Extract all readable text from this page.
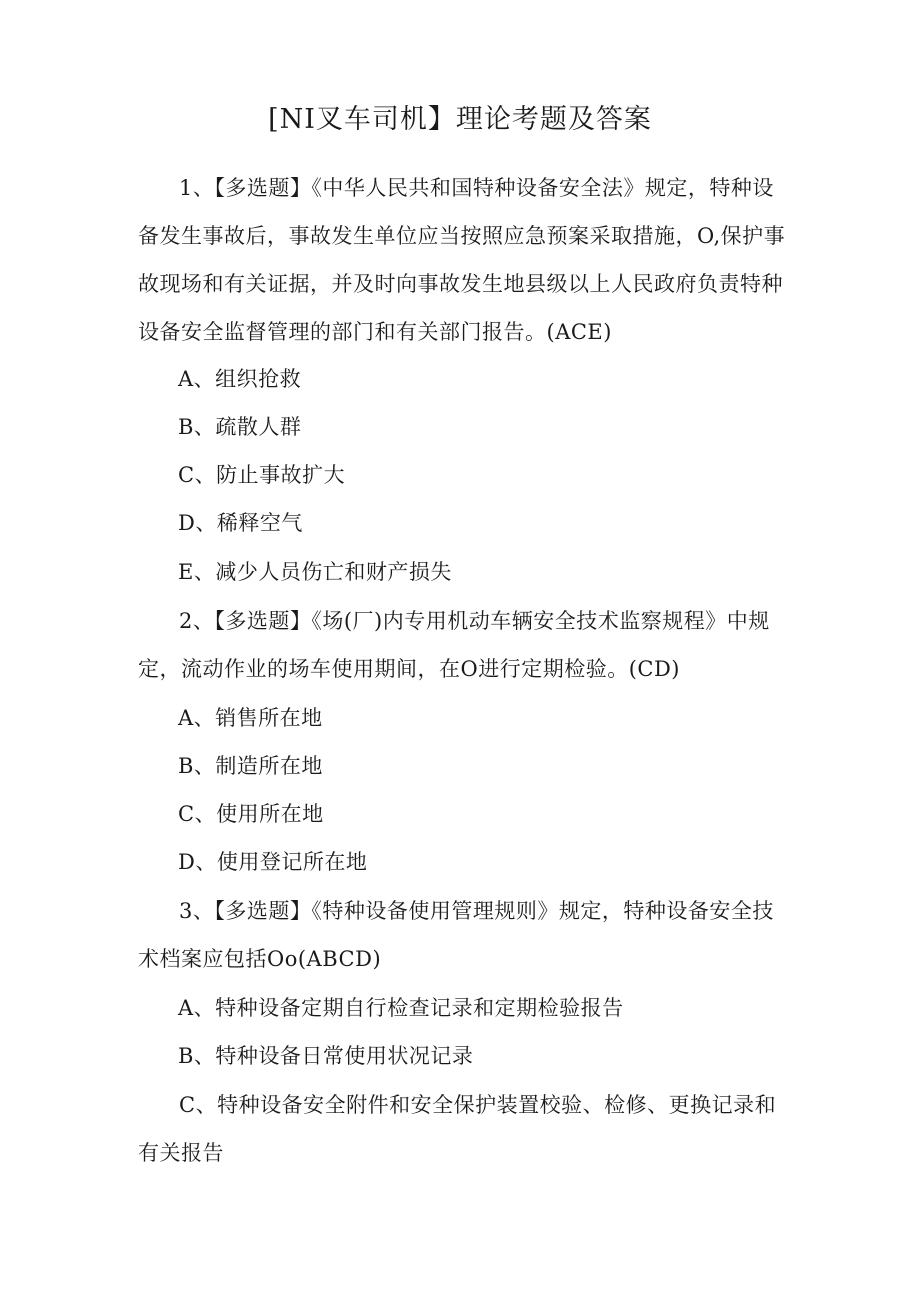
[NI叉车司机】理论考题及答案

1、【多选题】《中华人民共和国特种设备安全法》规定，特种设备发生事故后，事故发生单位应当按照应急预案采取措施，O,保护事故现场和有关证据，并及时向事故发生地县级以上人民政府负责特种设备安全监督管理的部门和有关部门报告。(ACE)

A、组织抢救
B、疏散人群
C、防止事故扩大
D、稀释空气
E、减少人员伤亡和财产损失

2、【多选题】《场(厂)内专用机动车辆安全技术监察规程》中规定，流动作业的场车使用期间，在O进行定期检验。(CD)

A、销售所在地
B、制造所在地
C、使用所在地
D、使用登记所在地

3、【多选题】《特种设备使用管理规则》规定，特种设备安全技术档案应包括Oo(ABCD)

A、特种设备定期自行检查记录和定期检验报告
B、特种设备日常使用状况记录

C、特种设备安全附件和安全保护装置校验、检修、更换记录和有关报告
